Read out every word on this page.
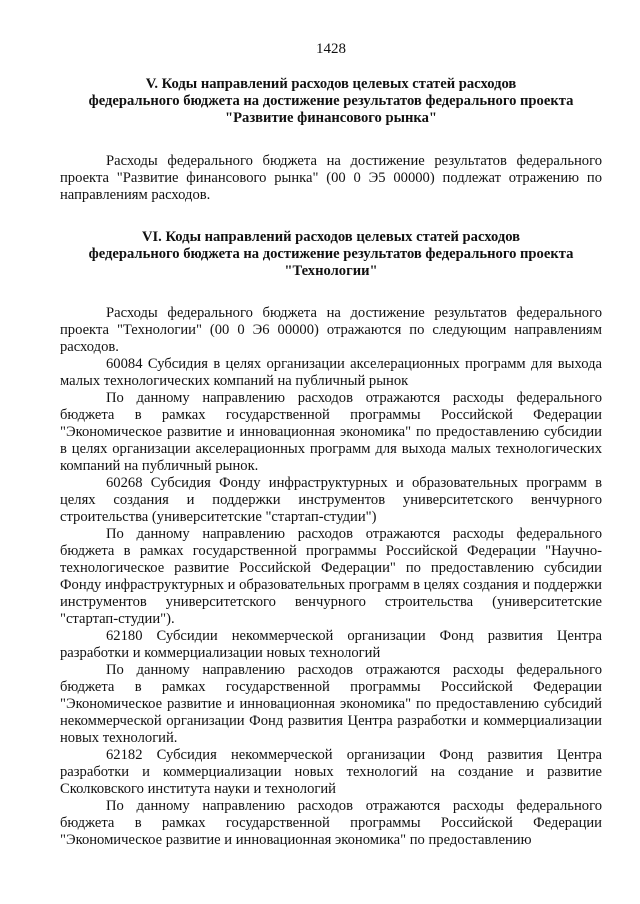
1428
V. Коды направлений расходов целевых статей расходов
федерального бюджета на достижение результатов федерального проекта
"Развитие финансового рынка"

Расходы федерального бюджета на достижение результатов федерального проекта "Развитие финансового рынка" (00 0 Э5 00000) подлежат отражению по направлениям расходов.

VI. Коды направлений расходов целевых статей расходов
федерального бюджета на достижение результатов федерального проекта
"Технологии"

Расходы федерального бюджета на достижение результатов федерального проекта "Технологии" (00 0 Э6 00000) отражаются по следующим направлениям расходов.

60084 Субсидия в целях организации акселерационных программ для выхода малых технологических компаний на публичный рынок

По данному направлению расходов отражаются расходы федерального бюджета в рамках государственной программы Российской Федерации "Экономическое развитие и инновационная экономика" по предоставлению субсидии в целях организации акселерационных программ для выхода малых технологических компаний на публичный рынок.

60268 Субсидия Фонду инфраструктурных и образовательных программ в целях создания и поддержки инструментов университетского венчурного строительства (университетские "стартап-студии")

По данному направлению расходов отражаются расходы федерального бюджета в рамках государственной программы Российской Федерации "Научно-технологическое развитие Российской Федерации" по предоставлению субсидии Фонду инфраструктурных и образовательных программ в целях создания и поддержки инструментов университетского венчурного строительства (университетские "стартап-студии").

62180 Субсидии некоммерческой организации Фонд развития Центра разработки и коммерциализации новых технологий

По данному направлению расходов отражаются расходы федерального бюджета в рамках государственной программы Российской Федерации "Экономическое развитие и инновационная экономика" по предоставлению субсидий некоммерческой организации Фонд развития Центра разработки и коммерциализации новых технологий.

62182 Субсидия некоммерческой организации Фонд развития Центра разработки и коммерциализации новых технологий на создание и развитие Сколковского института науки и технологий

По данному направлению расходов отражаются расходы федерального бюджета в рамках государственной программы Российской Федерации "Экономическое развитие и инновационная экономика" по предоставлению
